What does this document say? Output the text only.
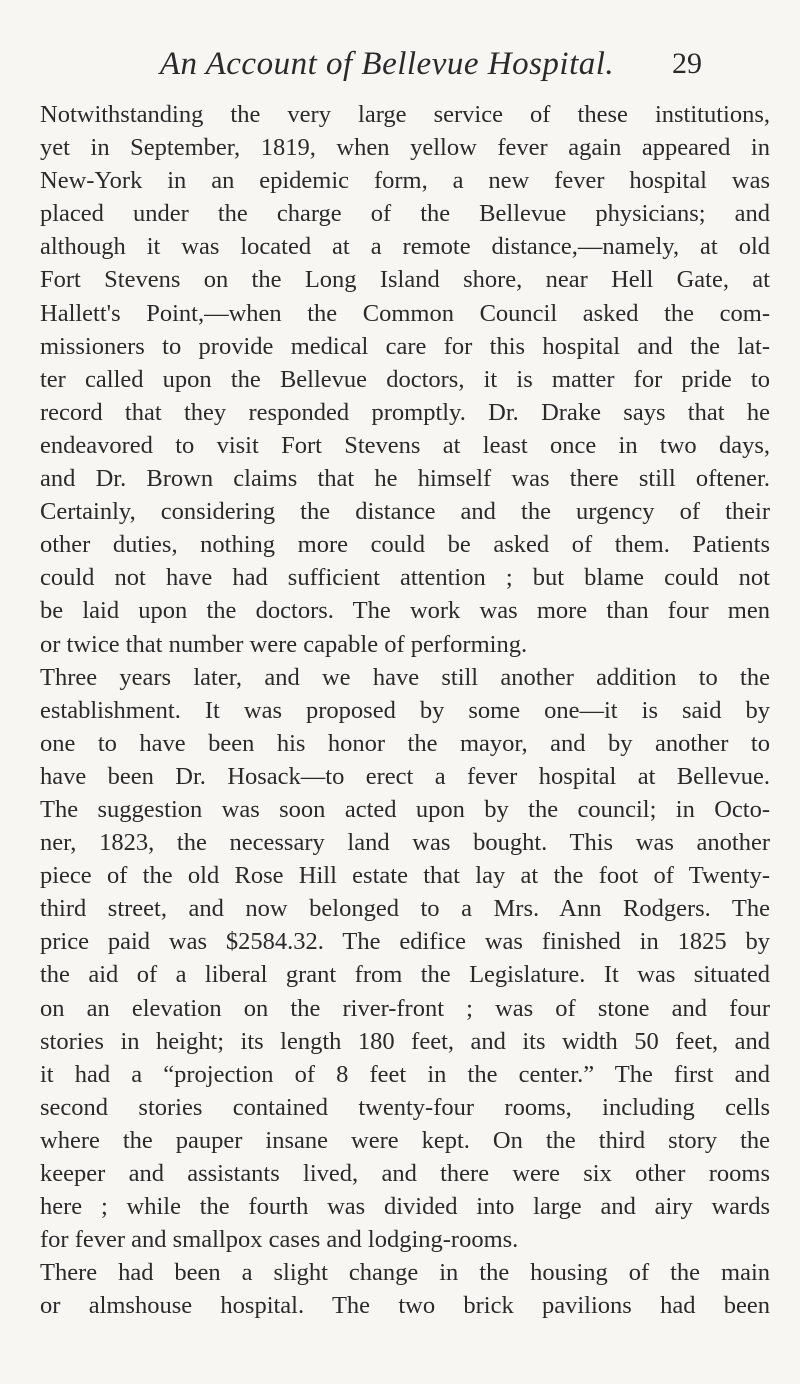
An Account of Bellevue Hospital.	29
Notwithstanding the very large service of these institutions,
yet in September, 1819, when yellow fever again appeared in
New-York in an epidemic form, a new fever hospital was
placed under the charge of the Bellevue physicians; and
although it was located at a remote distance,—namely, at old
Fort Stevens on the Long Island shore, near Hell Gate, at
Hallett's Point,—when the Common Council asked the com-
missioners to provide medical care for this hospital and the lat-
ter called upon the Bellevue doctors, it is matter for pride to
record that they responded promptly. Dr. Drake says that he
endeavored to visit Fort Stevens at least once in two days,
and Dr. Brown claims that he himself was there still oftener.
Certainly, considering the distance and the urgency of their
other duties, nothing more could be asked of them. Patients
could not have had sufficient attention ; but blame could not
be laid upon the doctors. The work was more than four men
or twice that number were capable of performing.
Three years later, and we have still another addition to the
establishment. It was proposed by some one—it is said by
one to have been his honor the mayor, and by another to
have been Dr. Hosack—to erect a fever hospital at Bellevue.
The suggestion was soon acted upon by the council; in Octo-
ner, 1823, the necessary land was bought. This was another
piece of the old Rose Hill estate that lay at the foot of Twenty-
third street, and now belonged to a Mrs. Ann Rodgers. The
price paid was $2584.32. The edifice was finished in 1825 by
the aid of a liberal grant from the Legislature. It was situated
on an elevation on the river-front ; was of stone and four
stories in height; its length 180 feet, and its width 50 feet, and
it had a “projection of 8 feet in the center.” The first and
second stories contained twenty-four rooms, including cells
where the pauper insane were kept. On the third story the
keeper and assistants lived, and there were six other rooms
here ; while the fourth was divided into large and airy wards
for fever and smallpox cases and lodging-rooms.
There had been a slight change in the housing of the main
or almshouse hospital. The two brick pavilions had been
